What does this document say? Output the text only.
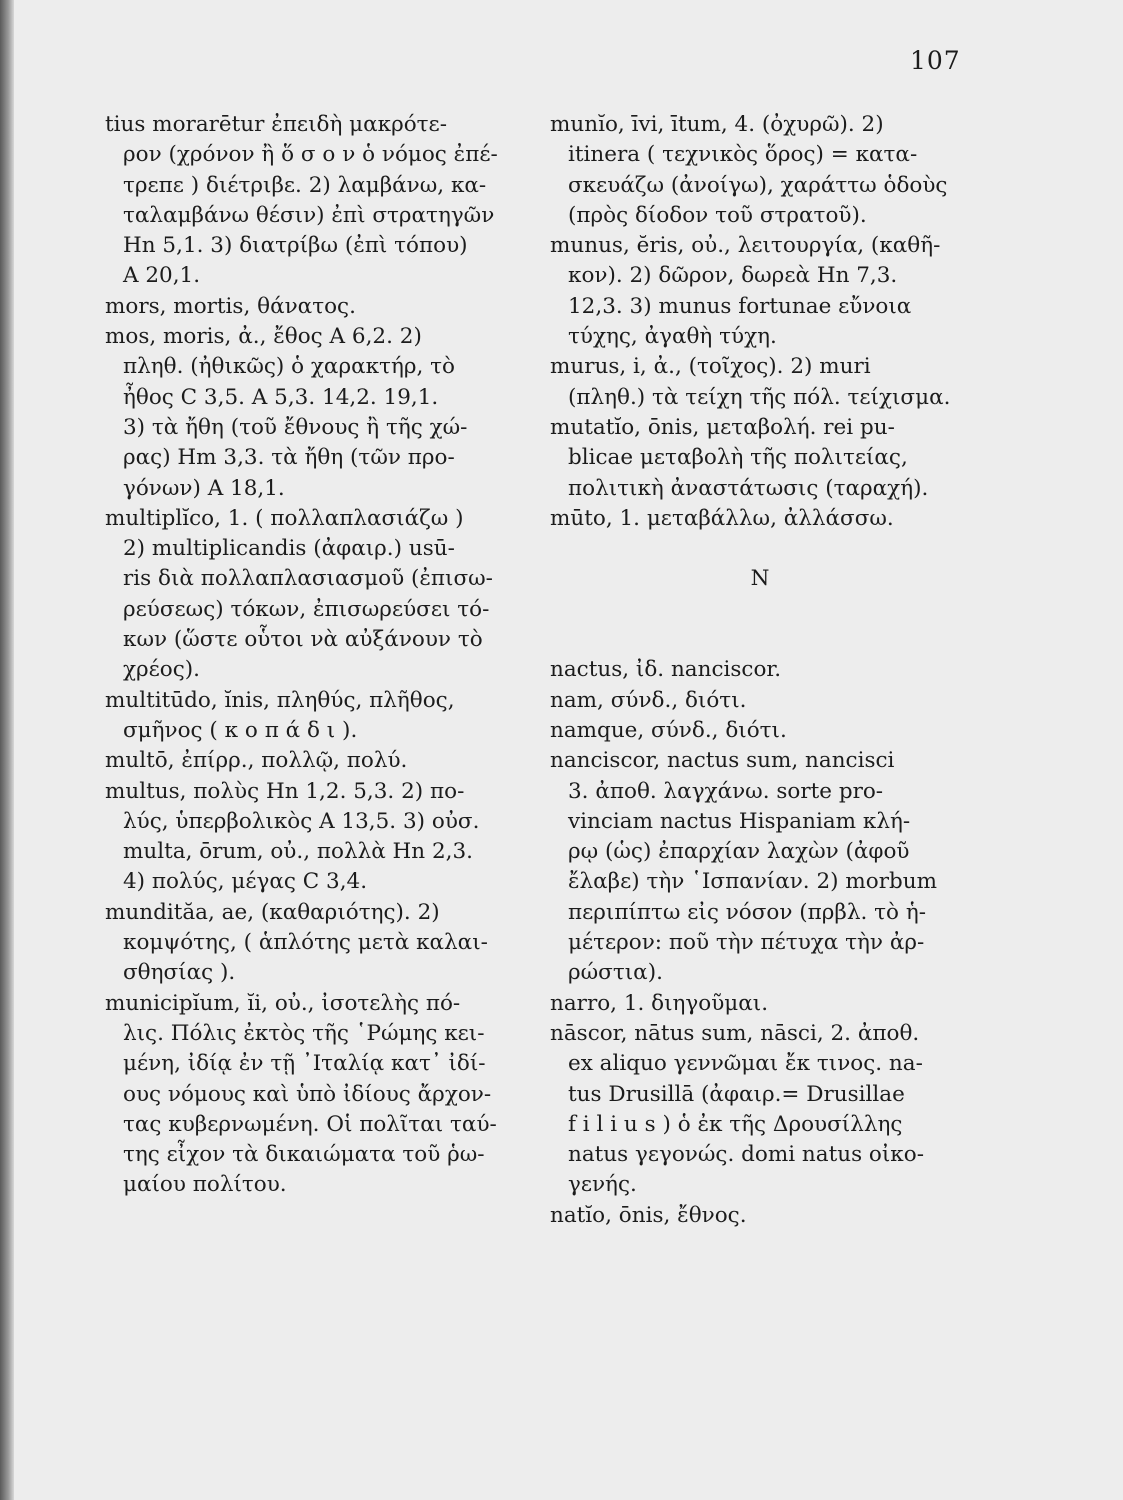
107
tius morarētur ἐπειδὴ μακρότε-
ρον (χρόνον ἢ ὅ σ ο ν ὁ νόμος ἐπέ-
τρεπε ) διέτριβε. 2) λαμβάνω, κα-
ταλαμβάνω θέσιν) ἐπὶ στρατηγῶν
Hn 5,1. 3) διατρίβω (ἐπὶ τόπου)
A 20,1.
mors, mortis, θάνατος.
mos, moris, ἀ., ἔθος A 6,2. 2)
πληθ. (ἠθικῶς) ὁ χαρακτήρ, τὸ
ἦθος C 3,5. A 5,3. 14,2. 19,1.
3) τὰ ἤθη (τοῦ ἔθνους ἢ τῆς χώ-
ρας) Hm 3,3. τὰ ἤθη (τῶν προ-
γόνων) A 18,1.
multiplĭco, 1. ( πολλαπλασιάζω )
2) multiplicandis (ἀφαιρ.) usū-
ris διὰ πολλαπλασιασμοῦ (ἐπισω-
ρεύσεως) τόκων, ἐπισωρεύσει τό-
κων (ὥστε οὗτοι νὰ αὐξάνουν τὸ
χρέος).
multitūdo, ĭnis, πληθύς, πλῆθος,
σμῆνος ( κ ο π ά δ ι ).
multō, ἐπίρρ., πολλῷ, πολύ.
multus, πολὺς Hn 1,2. 5,3. 2) πο-
λύς, ὑπερβολικὸς A 13,5. 3) οὐσ.
multa, ōrum, οὐ., πολλὰ Hn 2,3.
4) πολύς, μέγας C 3,4.
mundităa, ae, (καθαριότης). 2)
κομψότης, ( ἁπλότης μετὰ καλαι-
σθησίας ).
municipĭum, ĭi, οὐ., ἰσοτελὴς πό-
λις. Πόλις ἐκτὸς τῆς ῾Ρώμης κει-
μένη, ἰδίᾳ ἐν τῇ ᾽Ιταλίᾳ κατ᾽ ἰδί-
ους νόμους καὶ ὑπὸ ἰδίους ἄρχον-
τας κυβερνωμένη. Οἱ πολῖται ταύ-
της εἶχον τὰ δικαιώματα τοῦ ῥω-
μαίου πολίτου.
munĭo, īvi, ītum, 4. (ὀχυρῶ). 2)
itinera ( τεχνικὸς ὅρος) = κατα-
σκευάζω (ἀνοίγω), χαράττω ὁδοὺς
(πρὸς δίοδον τοῦ στρατοῦ).
munus, ĕris, οὐ., λειτουργία, (καθῆ-
κον). 2) δῶρον, δωρεὰ Hn 7,3.
12,3. 3) munus fortunae εὔνοια
τύχης, ἀγαθὴ τύχη.
murus, i, ἀ., (τοῖχος). 2) muri
(πληθ.) τὰ τείχη τῆς πόλ. τείχισμα.
mutatĭo, ōnis, μεταβολή. rei pu-
blicae μεταβολὴ τῆς πολιτείας,
πολιτικὴ ἀναστάτωσις (ταραχή).
mūto, 1. μεταβάλλω, ἀλλάσσω.
N
nactus, ἰδ. nanciscor.
nam, σύνδ., διότι.
namque, σύνδ., διότι.
nanciscor, nactus sum, nancisci
3. ἀποθ. λαγχάνω. sorte pro-
vinciam nactus Hispaniam κλή-
ρῳ (ὡς) ἐπαρχίαν λαχὼν (ἀφοῦ
ἔλαβε) τὴν ῾Ισπανίαν. 2) morbum
περιπίπτω εἰς νόσον (πρβλ. τὸ ἡ-
μέτερον: ποῦ τὴν πέτυχα τὴν ἀρ-
ρώστια).
narro, 1. διηγοῦμαι.
nāscor, nātus sum, nāsci, 2. ἀποθ.
ex aliquo γεννῶμαι ἔκ τινος. na-
tus Drusillā (ἀφαιρ.= Drusillae
f i l i u s ) ὁ ἐκ τῆς Δρουσίλλης
natus γεγονώς. domi natus οἰκο-
γενής.
natĭo, ōnis, ἔθνος.
